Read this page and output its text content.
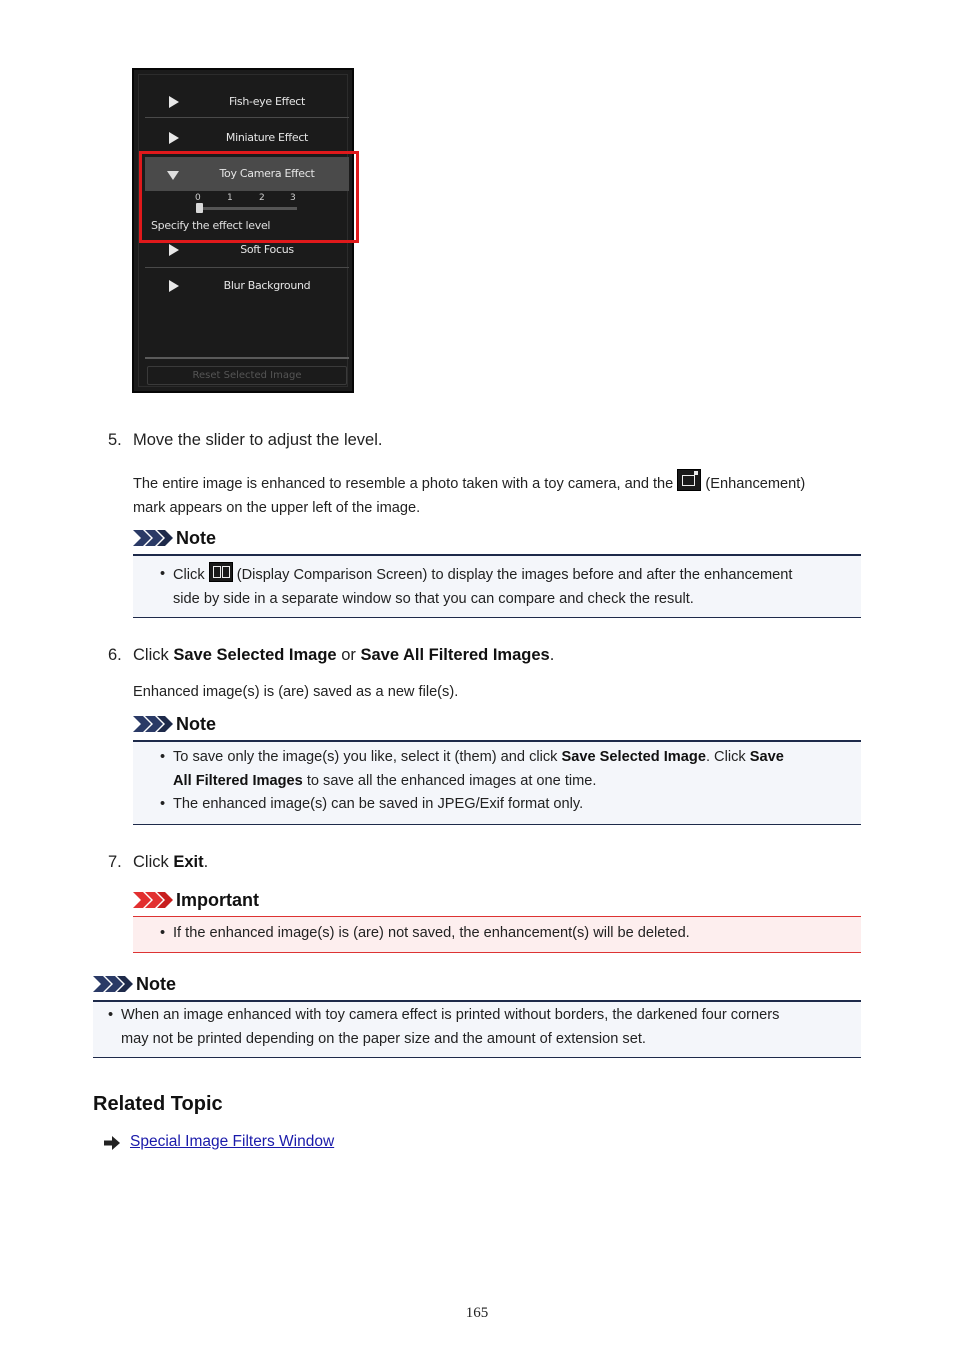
Fish-eye Effect
Miniature Effect
Toy Camera Effect
0	1	2	3
Specify the effect level
Soft Focus
Blur Background
Reset Selected Image
5. Move the slider to adjust the level.
The entire image is enhanced to resemble a photo taken with a toy camera, and the (Enhancement)
mark appears on the upper left of the image.
Note
• Click (Display Comparison Screen) to display the images before and after the enhancement
side by side in a separate window so that you can compare and check the result.
6. Click Save Selected Image or Save All Filtered Images.
Enhanced image(s) is (are) saved as a new file(s).
Note
• To save only the image(s) you like, select it (them) and click Save Selected Image. Click Save
All Filtered Images to save all the enhanced images at one time.
• The enhanced image(s) can be saved in JPEG/Exif format only.
7. Click Exit.
Important
• If the enhanced image(s) is (are) not saved, the enhancement(s) will be deleted.
Note
• When an image enhanced with toy camera effect is printed without borders, the darkened four corners
may not be printed depending on the paper size and the amount of extension set.
Related Topic
Special Image Filters Window
165
